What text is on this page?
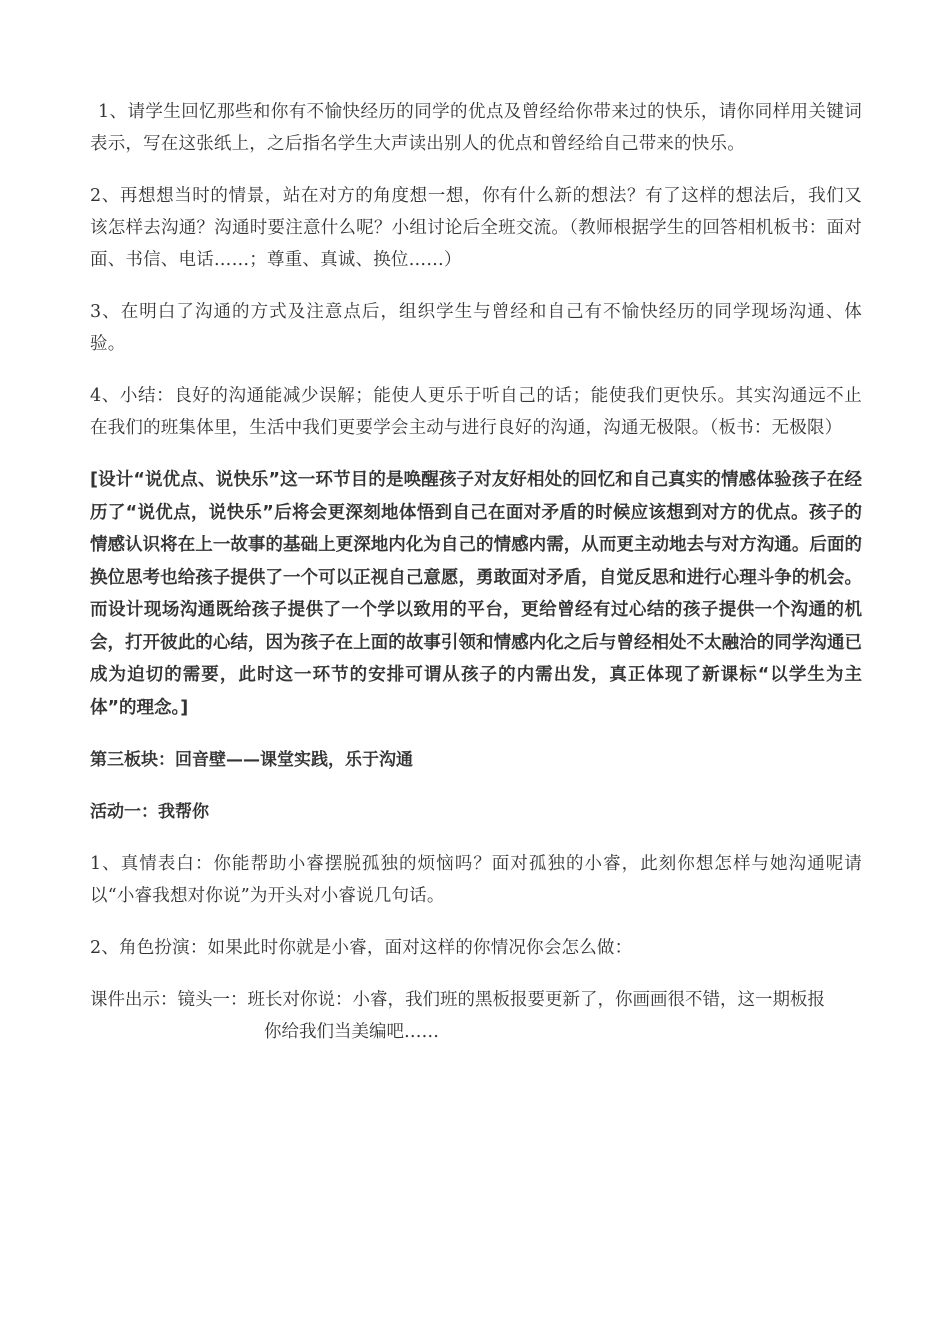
1、请学生回忆那些和你有不愉快经历的同学的优点及曾经给你带来过的快乐，请你同样用关键词表示，写在这张纸上，之后指名学生大声读出别人的优点和曾经给自己带来的快乐。

2、再想想当时的情景，站在对方的角度想一想，你有什么新的想法？有了这样的想法后，我们又该怎样去沟通？沟通时要注意什么呢？小组讨论后全班交流。（教师根据学生的回答相机板书：面对面、书信、电话……；尊重、真诚、换位……）

3、在明白了沟通的方式及注意点后，组织学生与曾经和自己有不愉快经历的同学现场沟通、体验。

4、小结：良好的沟通能减少误解；能使人更乐于听自己的话；能使我们更快乐。其实沟通远不止在我们的班集体里，生活中我们更要学会主动与进行良好的沟通，沟通无极限。（板书：无极限）

[设计“说优点、说快乐”这一环节目的是唤醒孩子对友好相处的回忆和自己真实的情感体验孩子在经历了“说优点，说快乐”后将会更深刻地体悟到自己在面对矛盾的时候应该想到对方的优点。孩子的情感认识将在上一故事的基础上更深地内化为自己的情感内需，从而更主动地去与对方沟通。后面的换位思考也给孩子提供了一个可以正视自己意愿，勇敢面对矛盾，自觉反思和进行心理斗争的机会。而设计现场沟通既给孩子提供了一个学以致用的平台，更给曾经有过心结的孩子提供一个沟通的机会，打开彼此的心结，因为孩子在上面的故事引领和情感内化之后与曾经相处不太融洽的同学沟通已成为迫切的需要，此时这一环节的安排可谓从孩子的内需出发，真正体现了新课标“以学生为主体”的理念。]

第三板块：回音壁——课堂实践，乐于沟通

活动一：我帮你

1、真情表白：你能帮助小睿摆脱孤独的烦恼吗？面对孤独的小睿，此刻你想怎样与她沟通呢请以“小睿我想对你说”为开头对小睿说几句话。

2、角色扮演：如果此时你就是小睿，面对这样的你情况你会怎么做：

课件出示：镜头一：班长对你说：小睿，我们班的黑板报要更新了，你画画很不错，这一期板报

你给我们当美编吧……
